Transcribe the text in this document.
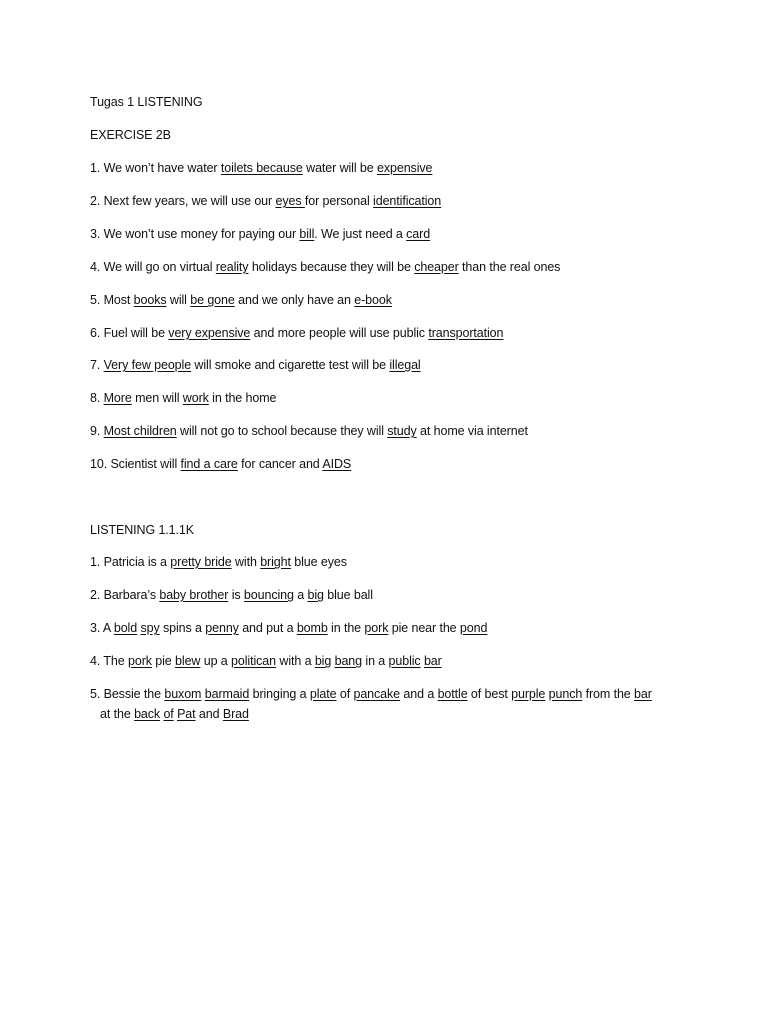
Tugas 1 LISTENING
EXERCISE 2B
1. We won’t have water toilets because water will be expensive
2. Next few years, we will use our eyes for personal identification
3. We won’t use money for paying our bill. We just need a card
4. We will go on virtual reality holidays because they will be cheaper than the real ones
5. Most books will be gone and we only have an e-book
6. Fuel will be very expensive and more people will use public transportation
7. Very few people will smoke and cigarette test will be illegal
8. More men will work in the home
9. Most children will not go to school because they will study at home via internet
10. Scientist will find a care for cancer and AIDS
LISTENING 1.1.1K
1. Patricia is a pretty bride with bright blue eyes
2. Barbara’s baby brother is bouncing a big blue ball
3. A bold spy spins a penny and put a bomb in the pork pie near the pond
4. The pork pie blew up a politican with a big bang in a public bar
5. Bessie the buxom barmaid bringing a plate of pancake and a bottle of best purple punch from the bar
at the back of Pat and Brad
